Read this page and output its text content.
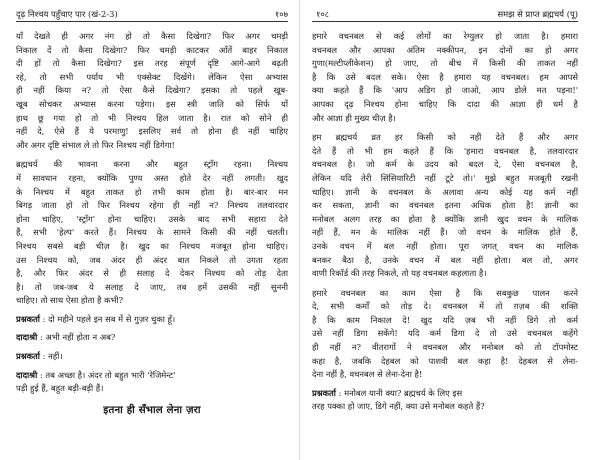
दृढ़ निश्चय पहुँचाए पार (खं-2-3)	१०७
याँ देखते ही अगर नंग हो तो कैसा दिखेगा? फिर अगर चमड़ी
निकाल दें तो कैसा दिखेगा? फिर चमड़ी काटकर आँतें बाहर निकाल
दी हों तो कैसा दिखेगा? इस तरह संपूर्ण दृष्टि आगे-आगे बढ़ती
रहे, तो सभी पर्याय भी एक्सेक्ट दिखेंगे। लेकिन ऐसा अभ्यास
ही नहीं किया न? तो ऐसा कैसे दिखेगा? इसका तो पहले खूब-
खूब सोचकर अभ्यास करना पड़ेगा। इस स्त्री जाति को सिर्फ यों
हाथ छू गया हो तो भी निश्चय हिल जाता है। रात को सोने ही
नहीं दे, ऐसे हैं ये परमाणु! इसलिए सर्व तो होना ही नहीं चाहिए
और अगर दृष्टि संभाल ले तो फिर निश्चय नहीं डिगेगा!
ब्रह्मचर्य की भावना करना और बहुत स्ट्रॉंग रहना। निश्चय
में सावधान रहना, क्योंकि पुण्य अस्त होते देर नहीं लगती। खुद
के निश्चय में बहुत ताकत हो तभी काम होता है। बार-बार मन
बिगड़ जाता हो तो फिर निश्चय रहेगा ही नहीं न? निश्चय तलवारदार
होना चाहिए, 'स्ट्रॉंग' होना चाहिए। उसके बाद सभी सहारा देते
हैं, सभी 'हेल्प' करते हैं। निश्चय के सामने किसी की नहीं चलती।
निश्चय सबसे बड़ी चीज़ है। खुद का निश्चय मजबूत होना चाहिए।
उस निश्चय को, जब अंदर ही अंदर बात निकले तो उगता रहता
है, और फिर अंदर से ही सलाह दे देकर निश्चय को तोड़ देता
है। तो जब-जब ये सलाह दे जाए, तब हमें उसकी नहीं सुननी
चाहिए। तो साथ ऐसा होता है कभी?
प्रश्नकर्ता : दो महीने पहले इन सब में से गुज़र चुका हूँ।
दादाश्री : अभी नहीं होता न अब?
प्रश्नकर्ता : नहीं।
दादाश्री : तब अच्छा है। अंदर तो बहुत भारी 'रेजिमेन्ट'
पड़ी हुई हैं, बहुत बड़ी-बड़ी हैं।
इतना ही सँभाल लेना ज़रा
१०८	समझ से प्राप्त ब्रह्मचर्य (पू)
हमारे वचनबल से कई लोगों का रेग्युलर हो जाता है। हमारा
वचनबल और आपका अंतिम नक्कीपन, इन दोनों का हो अगर
गुणा(मल्टीप्लीकेशन) हो जाए, तो बीच में किसी की ताकत नहीं
है कि उसे बदल सके। ऐसा है हमारा यह वचनबल। हम आपसे
क्या कहते हैं कि 'आप अडिग हो जाओ, आप डोले मत पड़ना!'
आपका दृढ़ निश्चय होना चाहिए कि दादा की आज्ञा ही धर्म है
और आज्ञा ही मुख्य चीज़ है।
हम ब्रह्मचर्य व्रत हर किसी को नहीं देते हैं और अगर
देते हैं तो भी हम कहते हैं कि 'हमारा वचनबल है, तलवारदार
वचनबल है। जो कर्म के उदय को बदल दे, ऐसा वचनबल है,
लेकिन यदि तेरी सिंसियारिटी नहीं टूटे तो।' मुझे बहुत मजबूती रखनी
चाहिए। ज्ञानी के वचनबल के अलावा अन्य कोई यह कर्म नहीं
कर सकता, ज्ञानी का वचनबल इतना अधिक होता है! ज्ञानी का
मनोबल अलग तरह का होता है क्योंकि ज्ञानी खुद वचन के मालिक
नहीं हैं, मन के मालिक नहीं हैं। जो वचन के मालिक होते हैं,
उनके वचन में बल नहीं होता। पूरा जगत् वचन का मालिक
बनकर बैठा है, उनके वचन में बल नहीं होता। बल तो, अगर
वाणी रिकॉर्ड की तरह निकले, तो यह वचनबल कहलाता है।
हमारे वचनबल का काम ऐसा है कि सबकुछ पालन करने
दे, सभी कर्मों को तोड़ दे। वचनबल में तो ग़ज़ब की शक्ति
है कि काम निकाल दे! खुद यदि ज़ब भी नहीं डिगे तो कर्म
उसे नहीं डिगा सकेंगे! यदि कर्म डिगा दे तो उसे वचनबल कहेंगे
ही नहीं न? वीतरागों ने वचनबल और मनोबल को तो टॉपमोस्ट
कहा है, जबकि देहबल को पाशवी बल कहा है! देहबल से लेना-
देना नहीं है, वचनबल से लेना-देना है!
प्रश्नकर्ता : मनोबल यानी क्या? ब्रह्मचर्य के लिए इस
तरह पक्का हो जाए, डिगे नहीं, क्या उसे मनोबल कहते हैं?
